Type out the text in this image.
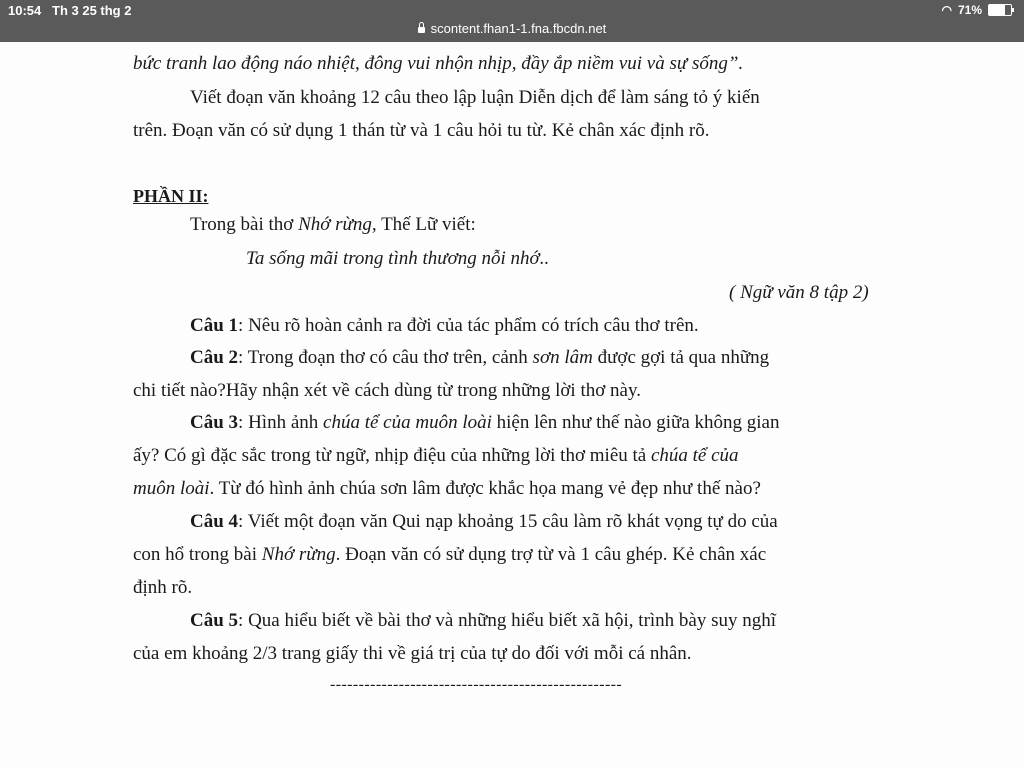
10:54 Th 3 25 thg 2	◠ 71%
scontent.fhan1-1.fna.fbcdn.net
bức tranh lao động náo nhiệt, đông vui nhộn nhịp, đầy ắp niềm vui và sự sống”.
Viết đoạn văn khoảng 12 câu theo lập luận Diễn dịch để làm sáng tỏ ý kiến
trên. Đoạn văn có sử dụng 1 thán từ và 1 câu hỏi tu từ. Kẻ chân xác định rõ.
PHẦN II:
Trong bài thơ Nhớ rừng, Thế Lữ viết:
Ta sống mãi trong tình thương nỗi nhớ..
( Ngữ văn 8 tập 2)
Câu 1: Nêu rõ hoàn cảnh ra đời của tác phẩm có trích câu thơ trên.
Câu 2: Trong đoạn thơ có câu thơ trên, cảnh sơn lâm được gợi tả qua những
chi tiết nào?Hãy nhận xét về cách dùng từ trong những lời thơ này.
Câu 3: Hình ảnh chúa tể của muôn loài hiện lên như thế nào giữa không gian
ấy? Có gì đặc sắc trong từ ngữ, nhịp điệu của những lời thơ miêu tả chúa tể của
muôn loài. Từ đó hình ảnh chúa sơn lâm được khắc họa mang vẻ đẹp như thế nào?
Câu 4: Viết một đoạn văn Qui nạp khoảng 15 câu làm rõ khát vọng tự do của
con hổ trong bài Nhớ rừng. Đoạn văn có sử dụng trợ từ và 1 câu ghép. Kẻ chân xác
định rõ.
Câu 5: Qua hiểu biết về bài thơ và những hiểu biết xã hội, trình bày suy nghĩ
của em khoảng 2/3 trang giấy thi về giá trị của tự do đối với mỗi cá nhân.
---------------------------------------------------
